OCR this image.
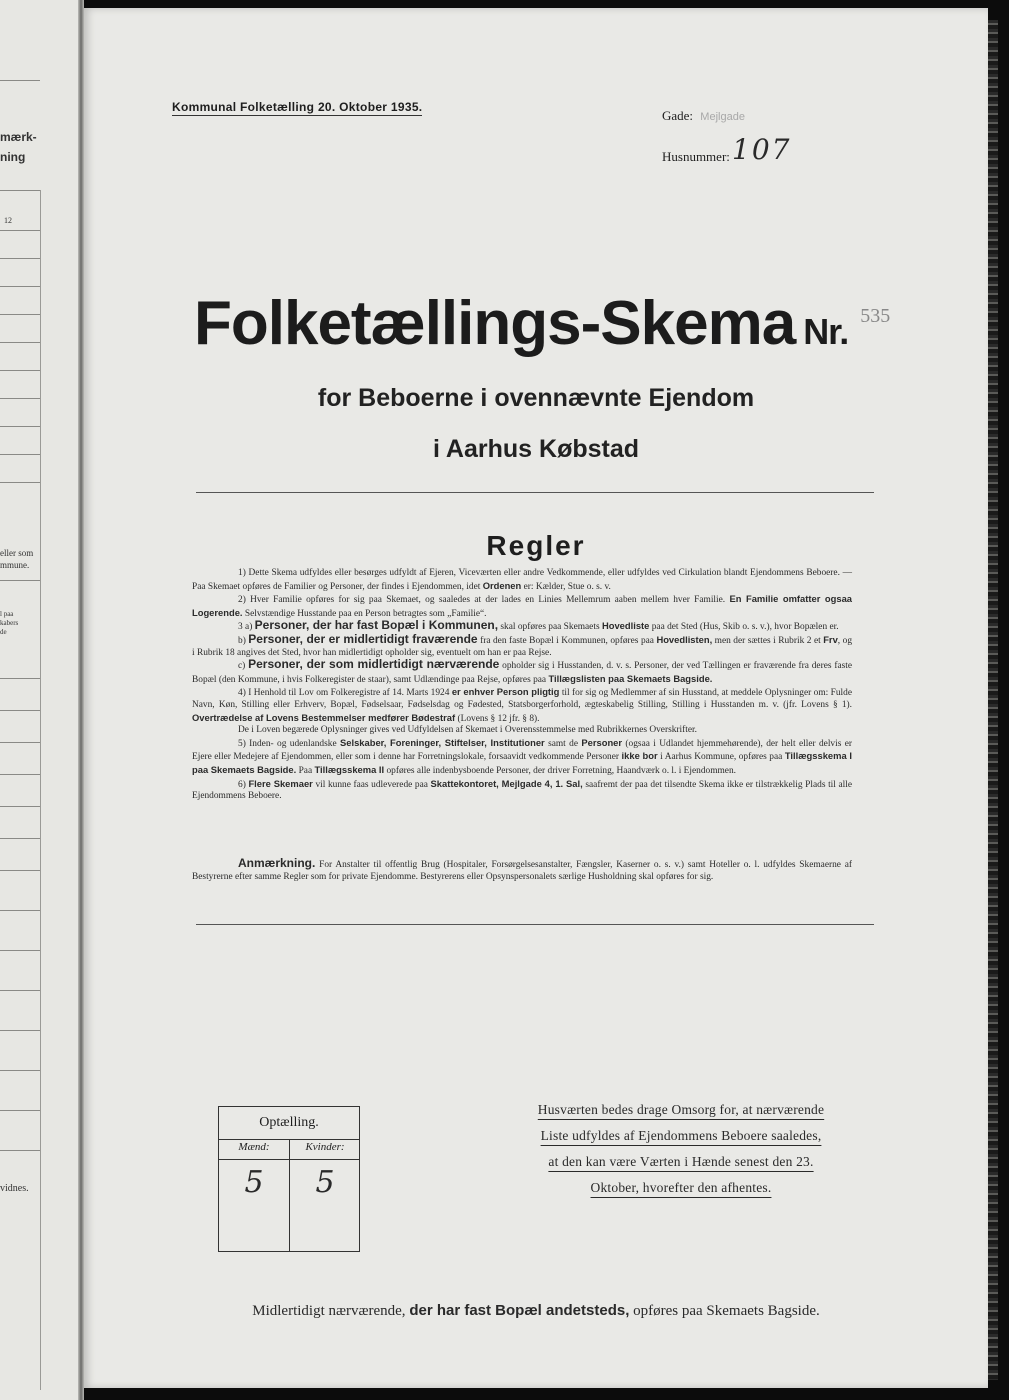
mærk-
ning
12
eller som
mmune.
l paa
kabers
de
vidnes.
Kommunal Folketælling 20. Oktober 1935.
Gade: Mejlgade
Husnummer: 107
Folketællings-Skema Nr. $^{535}$
for Beboerne i ovennævnte Ejendom
i Aarhus Købstad
Regler

1) Dette Skema udfyldes eller besørges udfyldt af Ejeren, Viceværten eller andre Vedkommende, eller udfyldes ved Cirkulation blandt Ejendommens Beboere. — Paa Skemaet opføres de Familier og Personer, der findes i Ejendommen, idet Ordenen er: Kælder, Stue o. s. v.

2) Hver Familie opføres for sig paa Skemaet, og saaledes at der lades en Linies Mellemrum aaben mellem hver Familie. En Familie omfatter ogsaa Logerende. Selvstændige Husstande paa en Person betragtes som „Familie“.

3 a) Personer, der har fast Bopæl i Kommunen, skal opføres paa Skemaets Hovedliste paa det Sted (Hus, Skib o. s. v.), hvor Bopælen er.

b) Personer, der er midlertidigt fraværende fra den faste Bopæl i Kommunen, opføres paa Hovedlisten, men der sættes i Rubrik 2 et Frv, og i Rubrik 18 angives det Sted, hvor han midlertidigt opholder sig, eventuelt om han er paa Rejse.

c) Personer, der som midlertidigt nærværende opholder sig i Husstanden, d. v. s. Personer, der ved Tællingen er fraværende fra deres faste Bopæl (den Kommune, i hvis Folkeregister de staar), samt Udlændinge paa Rejse, opføres paa Tillægslisten paa Skemaets Bagside.

4) I Henhold til Lov om Folkeregistre af 14. Marts 1924 er enhver Person pligtig til for sig og Medlemmer af sin Husstand, at meddele Oplysninger om: Fulde Navn, Køn, Stilling eller Erhverv, Bopæl, Fødselsaar, Fødselsdag og Fødested, Statsborgerforhold, ægteskabelig Stilling, Stilling i Husstanden m. v. (jfr. Lovens § 1). Overtrædelse af Lovens Bestemmelser medfører Bødestraf (Lovens § 12 jfr. § 8).

De i Loven begærede Oplysninger gives ved Udfyldelsen af Skemaet i Overensstemmelse med Rubrikkernes Overskrifter.

5) Inden- og udenlandske Selskaber, Foreninger, Stiftelser, Institutioner samt de Personer (ogsaa i Udlandet hjemmehørende), der helt eller delvis er Ejere eller Medejere af Ejendommen, eller som i denne har Forretningslokale, forsaavidt vedkommende Personer ikke bor i Aarhus Kommune, opføres paa Tillægsskema I paa Skemaets Bagside. Paa Tillægsskema II opføres alle indenbysboende Personer, der driver Forretning, Haandværk o. l. i Ejendommen.

6) Flere Skemaer vil kunne faas udleverede paa Skattekontoret, Mejlgade 4, 1. Sal, saafremt der paa det tilsendte Skema ikke er tilstrækkelig Plads til alle Ejendommens Beboere.

Anmærkning. For Anstalter til offentlig Brug (Hospitaler, Forsørgelsesanstalter, Fængsler, Kaserner o. s. v.) samt Hoteller o. l. udfyldes Skemaerne af Bestyrerne efter samme Regler som for private Ejendomme. Bestyrerens eller Opsynspersonalets særlige Husholdning skal opføres for sig.

Optælling.
Mænd:
5
Kvinder:
5
Husværten bedes drage Omsorg for, at nærværende
Liste udfyldes af Ejendommens Beboere saaledes,
at den kan være Værten i Hænde senest den 23.
Oktober, hvorefter den afhentes.
Midlertidigt nærværende, der har fast Bopæl andetsteds, opføres paa Skemaets Bagside.
